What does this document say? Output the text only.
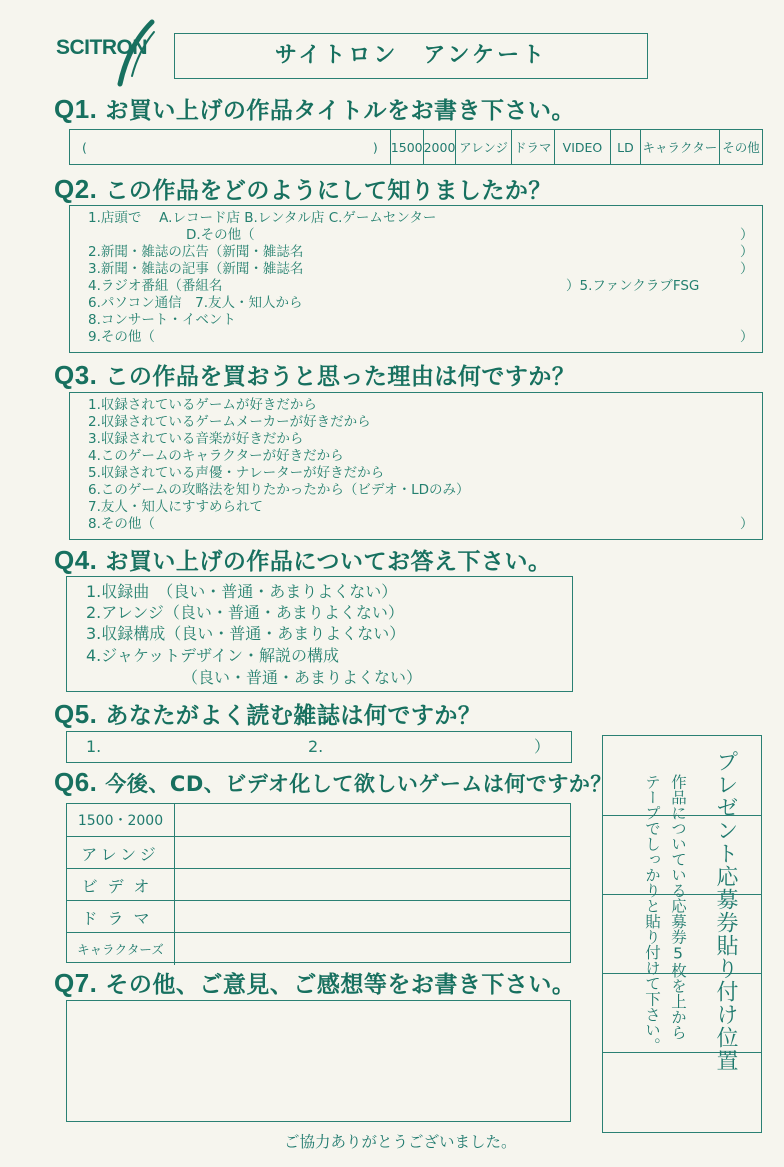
SCITRON	サイトロン　アンケート
Q1. お買い上げの作品タイトルをお書き下さい。
(	) 1500 2000 アレンジ ドラマ VIDEO	LD キャラクター その他
Q2. この作品をどのようにして知りましたか？
1.店頭で　 A.レコード店 B.レンタル店 C.ゲームセンター
D.その他（	）
2.新聞・雑誌の広告（新聞・雑誌名	）
3.新聞・雑誌の記事（新聞・雑誌名	）
4.ラジオ番組（番組名	）5.ファンクラブFSG
6.パソコン通信　7.友人・知人から
8.コンサート・イベント
9.その他（	）
Q3. この作品を買おうと思った理由は何ですか？
1.収録されているゲームが好きだから
2.収録されているゲームメーカーが好きだから
3.収録されている音楽が好きだから
4.このゲームのキャラクターが好きだから
5.収録されている声優・ナレーターが好きだから
6.このゲームの攻略法を知りたかったから（ビデオ・LDのみ）
7.友人・知人にすすめられて
8.その他（	）
Q4. お買い上げの作品についてお答え下さい。
1.収録曲　（良い・普通・あまりよくない）
2.アレンジ（良い・普通・あまりよくない）
3.収録構成（良い・普通・あまりよくない）
4.ジャケットデザイン・解説の構成
（良い・普通・あまりよくない）
Q5. あなたがよく読む雑誌は何ですか？
1.	2.	）
Q6. 今後、CD、ビデオ化して欲しいゲームは何ですか？
1500・2000
アレンジ
ビデオ
ドラマ
キャラクターズ
Q7. その他、ご意見、ご感想等をお書き下さい。	プレゼント応募券貼り付け位置
作品についている応募券5枚を上から
テープでしっかりと貼り付けて下さい。
ご協力ありがとうございました。
